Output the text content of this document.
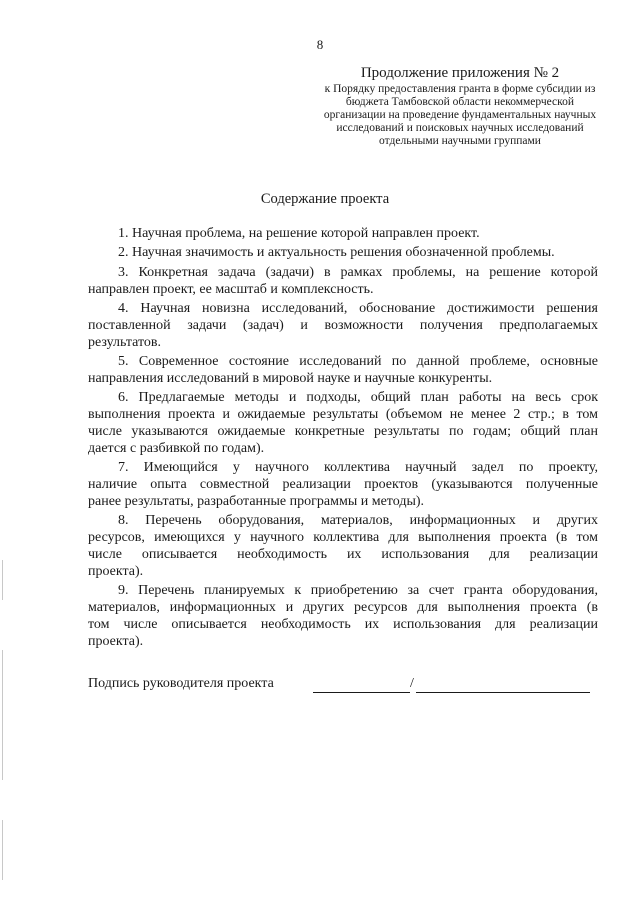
8
Продолжение приложения № 2
к Порядку предоставления гранта в форме субсидии из
бюджета Тамбовской области некоммерческой
организации на проведение фундаментальных научных
исследований и поисковых научных исследований
отдельными научными группами
Содержание проекта
1. Научная проблема, на решение которой направлен проект.
2. Научная значимость и актуальность решения обозначенной проблемы.
3. Конкретная задача (задачи) в рамках проблемы, на решение которой
направлен проект, ее масштаб и комплексность.
4. Научная новизна исследований, обоснование достижимости решения
поставленной задачи (задач) и возможности получения предполагаемых
результатов.
5. Современное состояние исследований по данной проблеме, основные
направления исследований в мировой науке и научные конкуренты.
6. Предлагаемые методы и подходы, общий план работы на весь срок
выполнения проекта и ожидаемые результаты (объемом не менее 2 стр.; в том
числе указываются ожидаемые конкретные результаты по годам; общий план
дается с разбивкой по годам).
7. Имеющийся у научного коллектива научный задел по проекту,
наличие опыта совместной реализации проектов (указываются полученные
ранее результаты, разработанные программы и методы).
8. Перечень оборудования, материалов, информационных и других
ресурсов, имеющихся у научного коллектива для выполнения проекта (в том
числе описывается необходимость их использования для реализации
проекта).
9. Перечень планируемых к приобретению за счет гранта оборудования,
материалов, информационных и других ресурсов для выполнения проекта (в
том числе описывается необходимость их использования для реализации
проекта).
Подпись руководителя проекта	/
